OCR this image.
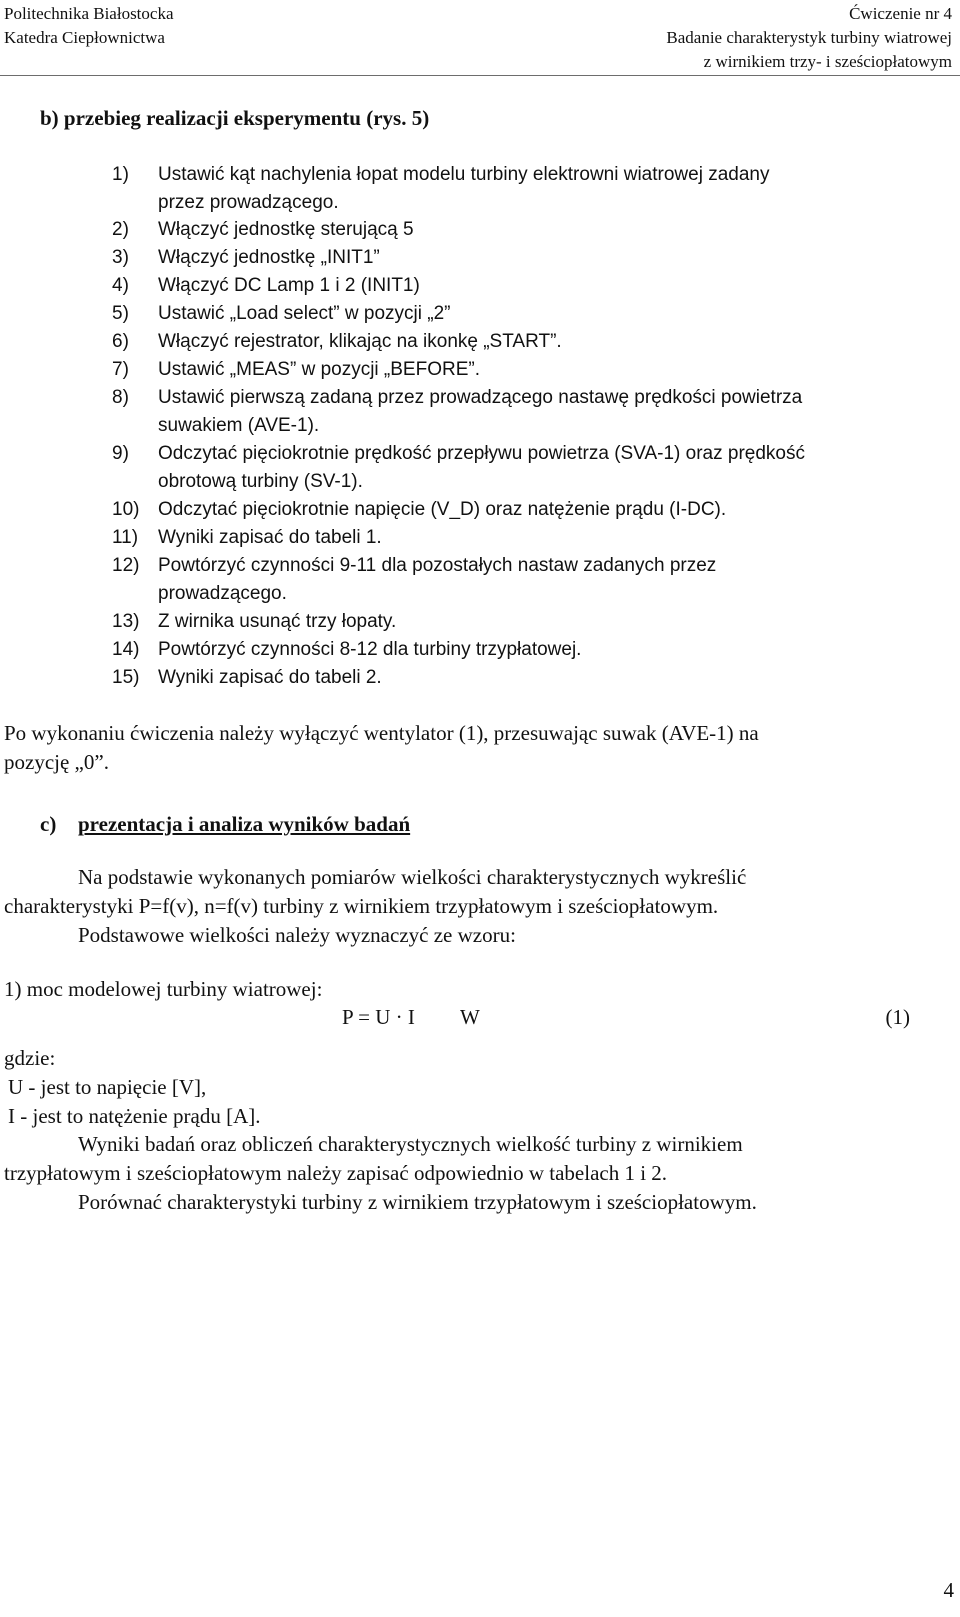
Politechnika Białostocka
Katedra Ciepłownictwa
Ćwiczenie nr 4
Badanie charakterystyk turbiny wiatrowej
z wirnikiem trzy- i sześciopłatowym
b) przebieg realizacji eksperymentu (rys. 5)
1) Ustawić kąt nachylenia łopat modelu turbiny elektrowni wiatrowej zadany
przez prowadzącego.
2) Włączyć jednostkę sterującą 5
3) Włączyć jednostkę „INIT1”
4) Włączyć DC Lamp 1 i 2 (INIT1)
5) Ustawić „Load select” w pozycji „2”
6) Włączyć rejestrator, klikając na ikonkę „START”.
7) Ustawić „MEAS” w pozycji „BEFORE”.
8) Ustawić pierwszą zadaną przez prowadzącego nastawę prędkości powietrza
suwakiem (AVE-1).
9) Odczytać pięciokrotnie prędkość przepływu powietrza (SVA-1) oraz prędkość
obrotową turbiny (SV-1).
10) Odczytać pięciokrotnie napięcie (V_D) oraz natężenie prądu (I-DC).
11) Wyniki zapisać do tabeli 1.
12) Powtórzyć czynności 9-11 dla pozostałych nastaw zadanych przez
prowadzącego.
13) Z wirnika usunąć trzy łopaty.
14) Powtórzyć czynności 8-12 dla turbiny trzypłatowej.
15) Wyniki zapisać do tabeli 2.
Po wykonaniu ćwiczenia należy wyłączyć wentylator (1), przesuwając suwak (AVE-1) na
pozycję „0”.
c) prezentacja i analiza wyników badań
Na podstawie wykonanych pomiarów wielkości charakterystycznych wykreślić
charakterystyki P=f(v), n=f(v) turbiny z wirnikiem trzypłatowym i sześciopłatowym.
Podstawowe wielkości należy wyznaczyć ze wzoru:
1) moc modelowej turbiny wiatrowej:
P = U · I W	(1)
gdzie:
U - jest to napięcie [V],
I - jest to natężenie prądu [A].
Wyniki badań oraz obliczeń charakterystycznych wielkość turbiny z wirnikiem
trzypłatowym i sześciopłatowym należy zapisać odpowiednio w tabelach 1 i 2.
Porównać charakterystyki turbiny z wirnikiem trzypłatowym i sześciopłatowym.
4
